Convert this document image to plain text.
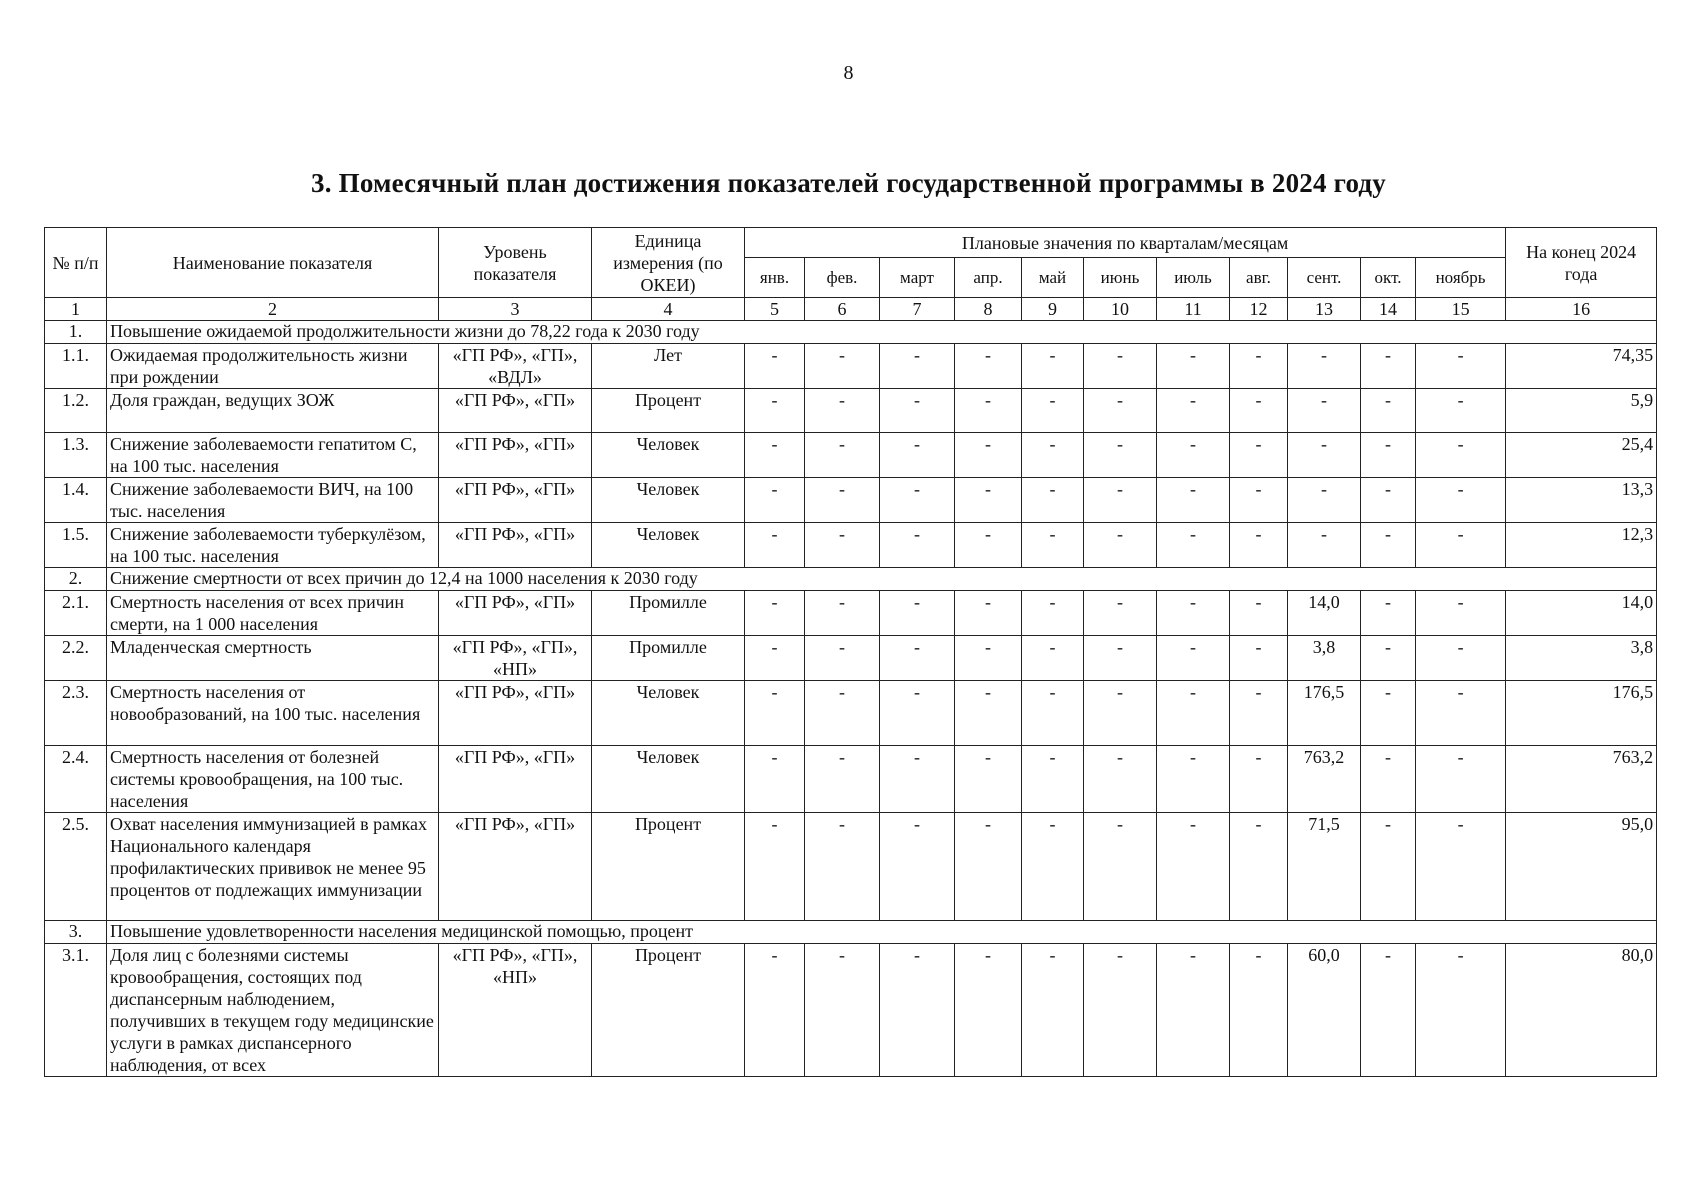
8
3. Помесячный план достижения показателей государственной программы в 2024 году
№ п/п	Наименование показателя	Уровень показателя	Единица измерения (по ОКЕИ)	Плановые значения по кварталам/месяцам											На конец 2024 года
				янв.	фев.	март	апр.	май	июнь	июль	авг.	сент.	окт.	ноябрь	
1	2	3	4	5	6	7	8	9	10	11	12	13	14	15	16
1.	Повышение ожидаемой продолжительности жизни до 78,22 года к 2030 году														
1.1.	Ожидаемая продолжительность жизни при рождении	«ГП РФ», «ГП», «ВДЛ»	Лет	-	-	-	-	-	-	-	-	-	-	-	74,35
1.2.	Доля граждан, ведущих ЗОЖ	«ГП РФ», «ГП»	Процент	-	-	-	-	-	-	-	-	-	-	-	5,9
1.3.	Снижение заболеваемости гепатитом С, на 100 тыс. населения	«ГП РФ», «ГП»	Человек	-	-	-	-	-	-	-	-	-	-	-	25,4
1.4.	Снижение заболеваемости ВИЧ, на 100 тыс. населения	«ГП РФ», «ГП»	Человек	-	-	-	-	-	-	-	-	-	-	-	13,3
1.5.	Снижение заболеваемости туберкулёзом, на 100 тыс. населения	«ГП РФ», «ГП»	Человек	-	-	-	-	-	-	-	-	-	-	-	12,3
2.	Снижение смертности от всех причин до 12,4 на 1000 населения к 2030 году														
2.1.	Смертность населения от всех причин смерти, на 1 000 населения	«ГП РФ», «ГП»	Промилле	-	-	-	-	-	-	-	-	14,0	-	-	14,0
2.2.	Младенческая смертность	«ГП РФ», «ГП», «НП»	Промилле	-	-	-	-	-	-	-	-	3,8	-	-	3,8
2.3.	Смертность населения от новообразований, на 100 тыс. населения	«ГП РФ», «ГП»	Человек	-	-	-	-	-	-	-	-	176,5	-	-	176,5
2.4.	Смертность населения от болезней системы кровообращения, на 100 тыс. населения	«ГП РФ», «ГП»	Человек	-	-	-	-	-	-	-	-	763,2	-	-	763,2
2.5.	Охват населения иммунизацией в рамках Национального календаря профилактических прививок не менее 95 процентов от подлежащих иммунизации	«ГП РФ», «ГП»	Процент	-	-	-	-	-	-	-	-	71,5	-	-	95,0
3.	Повышение удовлетворенности населения медицинской помощью, процент														
3.1.	Доля лиц с болезнями системы кровообращения, состоящих под диспансерным наблюдением, получивших в текущем году медицинские услуги в рамках диспансерного наблюдения, от всех	«ГП РФ», «ГП», «НП»	Процент	-	-	-	-	-	-	-	-	60,0	-	-	80,0
